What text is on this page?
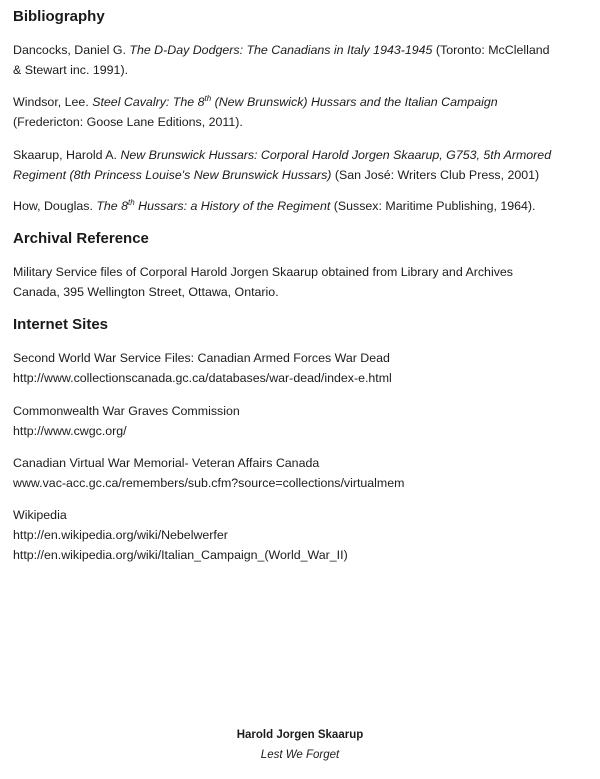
Bibliography

Dancocks, Daniel G. The D-Day Dodgers: The Canadians in Italy 1943-1945 (Toronto: McClelland
& Stewart inc. 1991).

Windsor, Lee. Steel Cavalry: The 8th (New Brunswick) Hussars and the Italian Campaign
(Fredericton: Goose Lane Editions, 2011).

Skaarup, Harold A. New Brunswick Hussars: Corporal Harold Jorgen Skaarup, G753, 5th Armored
Regiment (8th Princess Louise's New Brunswick Hussars) (San José: Writers Club Press, 2001)

How, Douglas. The 8th Hussars: a History of the Regiment (Sussex: Maritime Publishing, 1964).

Archival Reference

Military Service files of Corporal Harold Jorgen Skaarup obtained from Library and Archives
Canada, 395 Wellington Street, Ottawa, Ontario.

Internet Sites

Second World War Service Files: Canadian Armed Forces War Dead
http://www.collectionscanada.gc.ca/databases/war-dead/index-e.html

Commonwealth War Graves Commission
http://www.cwgc.org/

Canadian Virtual War Memorial- Veteran Affairs Canada
www.vac-acc.gc.ca/remembers/sub.cfm?source=collections/virtualmem

Wikipedia
http://en.wikipedia.org/wiki/Nebelwerfer
http://en.wikipedia.org/wiki/Italian_Campaign_(World_War_II)

Harold Jorgen Skaarup
Lest We Forget
